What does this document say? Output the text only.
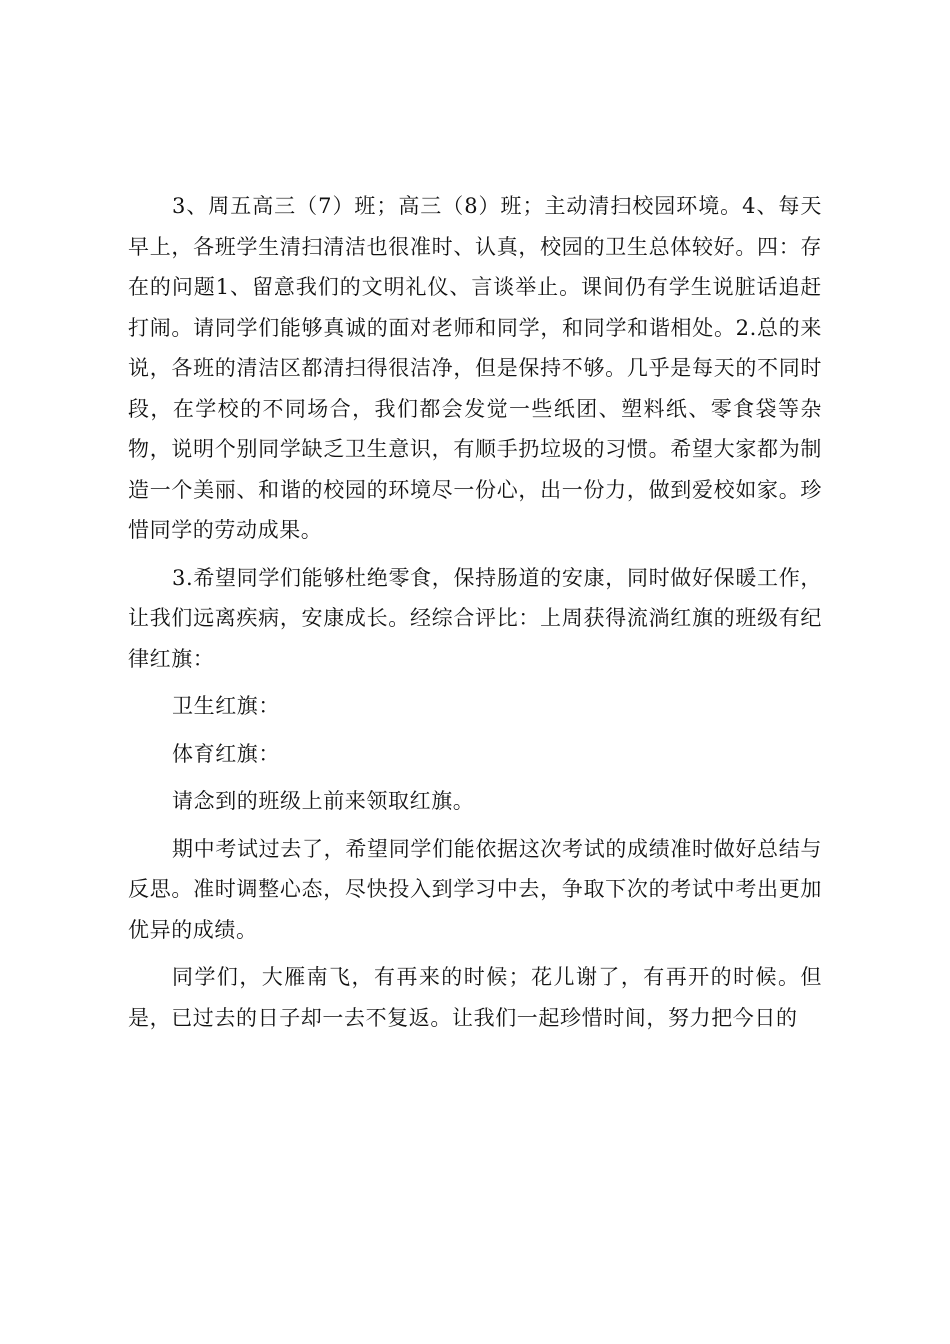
3、周五高三（7）班；高三（8）班；主动清扫校园环境。4、每天早上，各班学生清扫清洁也很准时、认真，校园的卫生总体较好。四：存在的问题1、留意我们的文明礼仪、言谈举止。课间仍有学生说脏话追赶打闹。请同学们能够真诚的面对老师和同学，和同学和谐相处。2.总的来说，各班的清洁区都清扫得很洁净，但是保持不够。几乎是每天的不同时段，在学校的不同场合，我们都会发觉一些纸团、塑料纸、零食袋等杂物，说明个别同学缺乏卫生意识，有顺手扔垃圾的习惯。希望大家都为制造一个美丽、和谐的校园的环境尽一份心，出一份力，做到爱校如家。珍惜同学的劳动成果。

3.希望同学们能够杜绝零食，保持肠道的安康，同时做好保暖工作，让我们远离疾病，安康成长。经综合评比：上周获得流淌红旗的班级有纪律红旗：

卫生红旗：

体育红旗：

请念到的班级上前来领取红旗。

期中考试过去了，希望同学们能依据这次考试的成绩准时做好总结与反思。准时调整心态，尽快投入到学习中去，争取下次的考试中考出更加优异的成绩。

同学们，大雁南飞，有再来的时候；花儿谢了，有再开的时候。但是，已过去的日子却一去不复返。让我们一起珍惜时间，努力把今日的
